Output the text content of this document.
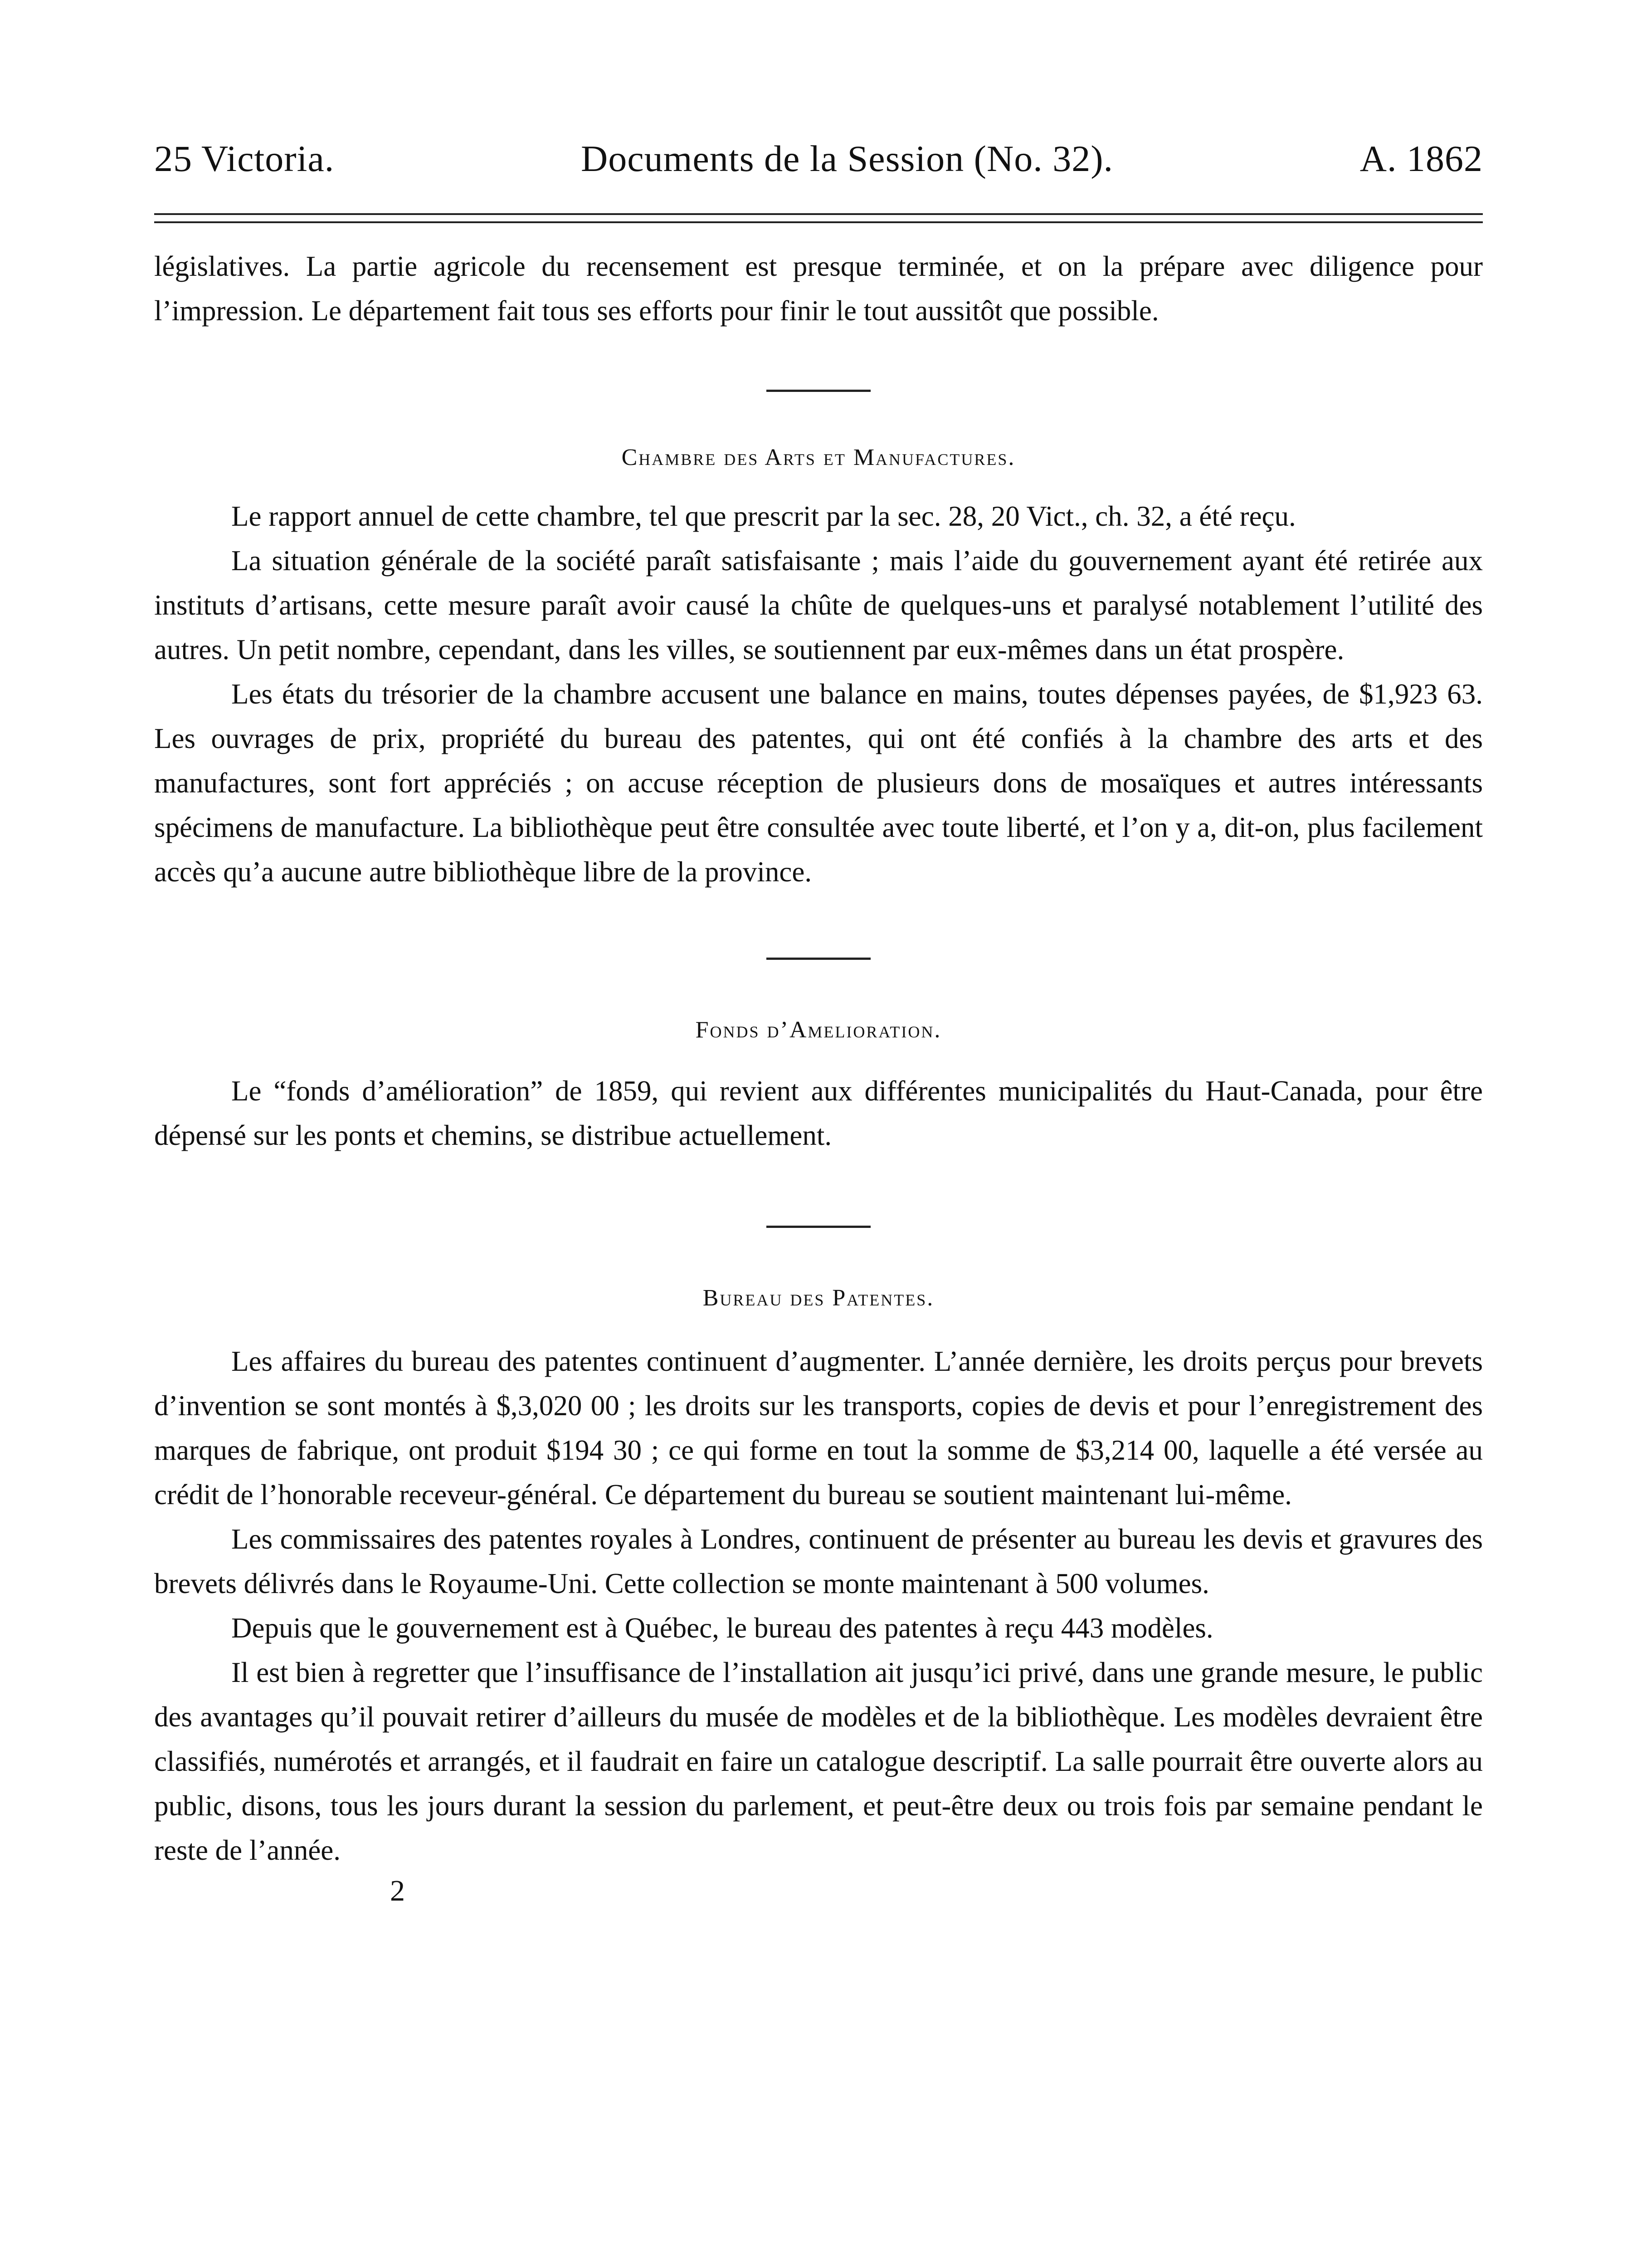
25 Victoria.	Documents de la Session (No. 32).	A. 1862

législatives. La partie agricole du recensement est presque terminée, et on la prépare avec diligence pour l’impression. Le département fait tous ses efforts pour finir le tout aussitôt que possible.

Chambre des Arts et Manufactures.

Le rapport annuel de cette chambre, tel que prescrit par la sec. 28, 20 Vict., ch. 32, a été reçu.

La situation générale de la société paraît satisfaisante ; mais l’aide du gouvernement ayant été retirée aux instituts d’artisans, cette mesure paraît avoir causé la chûte de quelques-uns et paralysé notablement l’utilité des autres. Un petit nombre, cependant, dans les villes, se soutiennent par eux-mêmes dans un état prospère.

Les états du trésorier de la chambre accusent une balance en mains, toutes dépenses payées, de $1,923 63. Les ouvrages de prix, propriété du bureau des patentes, qui ont été confiés à la chambre des arts et des manufactures, sont fort appréciés ; on accuse réception de plusieurs dons de mosaïques et autres intéressants spécimens de manufacture. La bibliothèque peut être consultée avec toute liberté, et l’on y a, dit-on, plus facilement accès qu’a aucune autre bibliothèque libre de la province.

Fonds d’Amelioration.

Le “fonds d’amélioration” de 1859, qui revient aux différentes municipalités du Haut-Canada, pour être dépensé sur les ponts et chemins, se distribue actuellement.

Bureau des Patentes.

Les affaires du bureau des patentes continuent d’augmenter. L’année dernière, les droits perçus pour brevets d’invention se sont montés à $,3,020 00 ; les droits sur les transports, copies de devis et pour l’enregistrement des marques de fabrique, ont produit $194 30 ; ce qui forme en tout la somme de $3,214 00, laquelle a été versée au crédit de l’honorable receveur-général. Ce département du bureau se soutient maintenant lui-même.

Les commissaires des patentes royales à Londres, continuent de présenter au bureau les devis et gravures des brevets délivrés dans le Royaume-Uni. Cette collection se monte maintenant à 500 volumes.

Depuis que le gouvernement est à Québec, le bureau des patentes à reçu 443 modèles.

Il est bien à regretter que l’insuffisance de l’installation ait jusqu’ici privé, dans une grande mesure, le public des avantages qu’il pouvait retirer d’ailleurs du musée de modèles et de la bibliothèque. Les modèles devraient être classifiés, numérotés et arrangés, et il faudrait en faire un catalogue descriptif. La salle pourrait être ouverte alors au public, disons, tous les jours durant la session du parlement, et peut-être deux ou trois fois par semaine pendant le reste de l’année.

2
